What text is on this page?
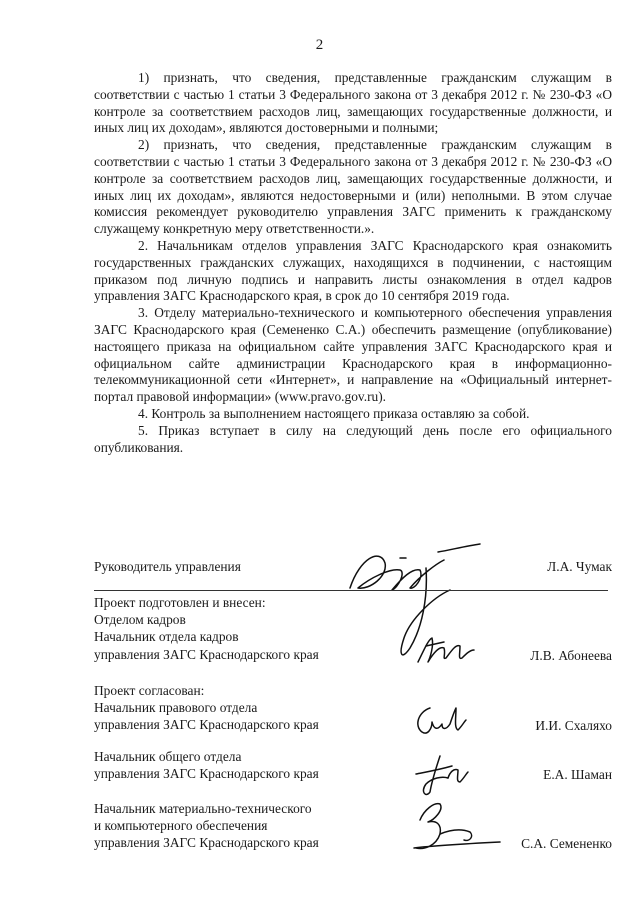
2

1) признать, что сведения, представленные гражданским служащим в соответствии с частью 1 статьи 3 Федерального закона от 3 декабря 2012 г. № 230-ФЗ «О контроле за соответствием расходов лиц, замещающих государственные должности, и иных лиц их доходам», являются достоверными и полными;

2) признать, что сведения, представленные гражданским служащим в соответствии с частью 1 статьи 3 Федерального закона от 3 декабря 2012 г. № 230-ФЗ «О контроле за соответствием расходов лиц, замещающих государственные должности, и иных лиц их доходам», являются недостоверными и (или) неполными. В этом случае комиссия рекомендует руководителю управления ЗАГС применить к гражданскому служащему конкретную меру ответственности.».

2. Начальникам отделов управления ЗАГС Краснодарского края ознакомить государственных гражданских служащих, находящихся в подчинении, с настоящим приказом под личную подпись и направить листы ознакомления в отдел кадров управления ЗАГС Краснодарского края, в срок до 10 сентября 2019 года.

3. Отделу материально-технического и компьютерного обеспечения управления ЗАГС Краснодарского края (Семененко С.А.) обеспечить размещение (опубликование) настоящего приказа на официальном сайте управления ЗАГС Краснодарского края и официальном сайте администрации Краснодарского края в информационно-телекоммуникационной сети «Интернет», и направление на «Официальный интернет-портал правовой информации» (www.pravo.gov.ru).

4. Контроль за выполнением настоящего приказа оставляю за собой.

5. Приказ вступает в силу на следующий день после его официального опубликования.

Руководитель управления	Л.А. Чумак
Проект подготовлен и внесен:
Отделом кадров
Начальник отдела кадров
управления ЗАГС Краснодарского края	Л.В. Абонеева
Проект согласован:
Начальник правового отдела
управления ЗАГС Краснодарского края	И.И. Схаляхо
Начальник общего отдела
управления ЗАГС Краснодарского края	Е.А. Шаман
Начальник материально-технического
и компьютерного обеспечения
управления ЗАГС Краснодарского края	С.А. Семененко
